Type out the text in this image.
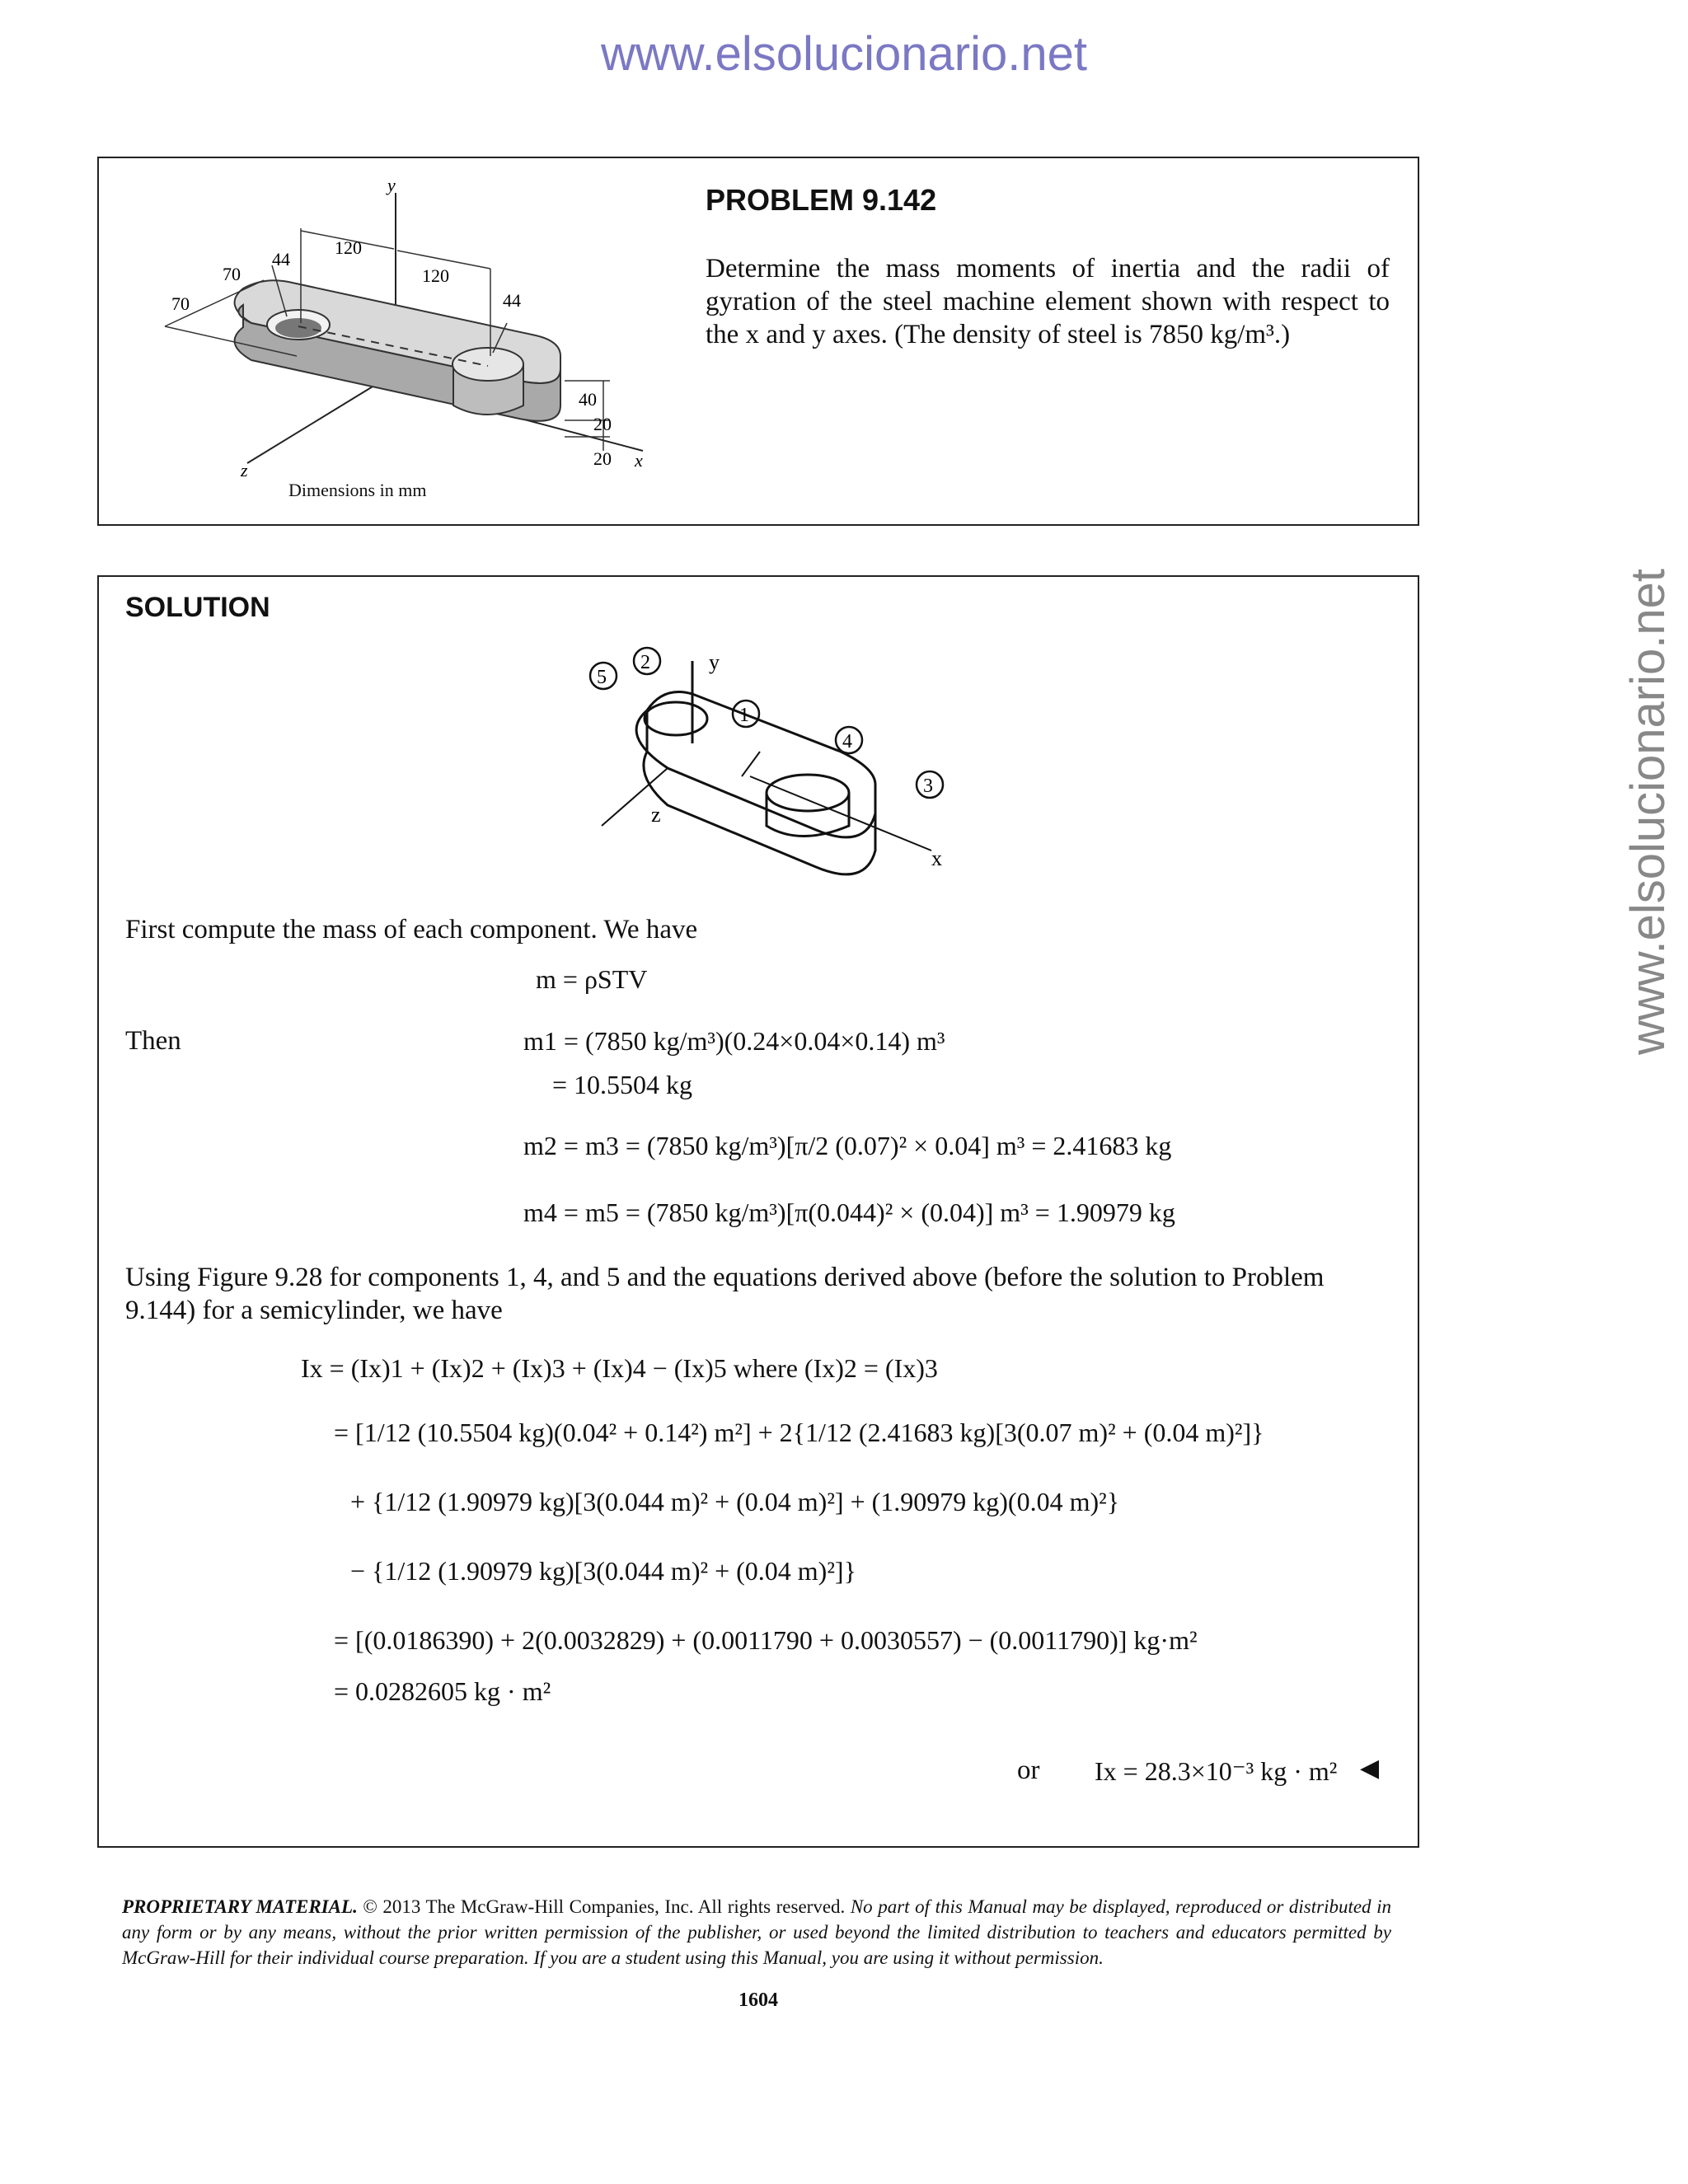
www.elsolucionario.net
www.elsolucionario.net
y
120
120
44
44
70
70
40
20
20
z	x
Dimensions in mm
PROBLEM 9.142
Determine the mass moments of inertia and the radii of gyration of the steel machine element shown with respect to the x and y axes. (The density of steel is 7850 kg/m³.)
SOLUTION
5
2	y
1
4
3
z
x
First compute the mass of each component. We have
m = ρSTV
Then	m1 = (7850 kg/m³)(0.24×0.04×0.14) m³
= 10.5504 kg
m2 = m3 = (7850 kg/m³)[π/2 (0.07)² × 0.04] m³ = 2.41683 kg
m4 = m5 = (7850 kg/m³)[π(0.044)² × (0.04)] m³ = 1.90979 kg
Using Figure 9.28 for components 1, 4, and 5 and the equations derived above (before the solution to Problem 9.144) for a semicylinder, we have
Ix = (Ix)1 + (Ix)2 + (Ix)3 + (Ix)4 − (Ix)5 where (Ix)2 = (Ix)3
= [1/12 (10.5504 kg)(0.04² + 0.14²) m²] + 2{1/12 (2.41683 kg)[3(0.07 m)² + (0.04 m)²]}
+ {1/12 (1.90979 kg)[3(0.044 m)² + (0.04 m)²] + (1.90979 kg)(0.04 m)²}
− {1/12 (1.90979 kg)[3(0.044 m)² + (0.04 m)²]}
= [(0.0186390) + 2(0.0032829) + (0.0011790 + 0.0030557) − (0.0011790)] kg·m²
= 0.0282605 kg · m²
or Ix = 28.3×10⁻³ kg · m² ◀
PROPRIETARY MATERIAL. © 2013 The McGraw-Hill Companies, Inc. All rights reserved. No part of this Manual may be displayed, reproduced or distributed in any form or by any means, without the prior written permission of the publisher, or used beyond the limited distribution to teachers and educators permitted by McGraw-Hill for their individual course preparation. If you are a student using this Manual, you are using it without permission.
1604
